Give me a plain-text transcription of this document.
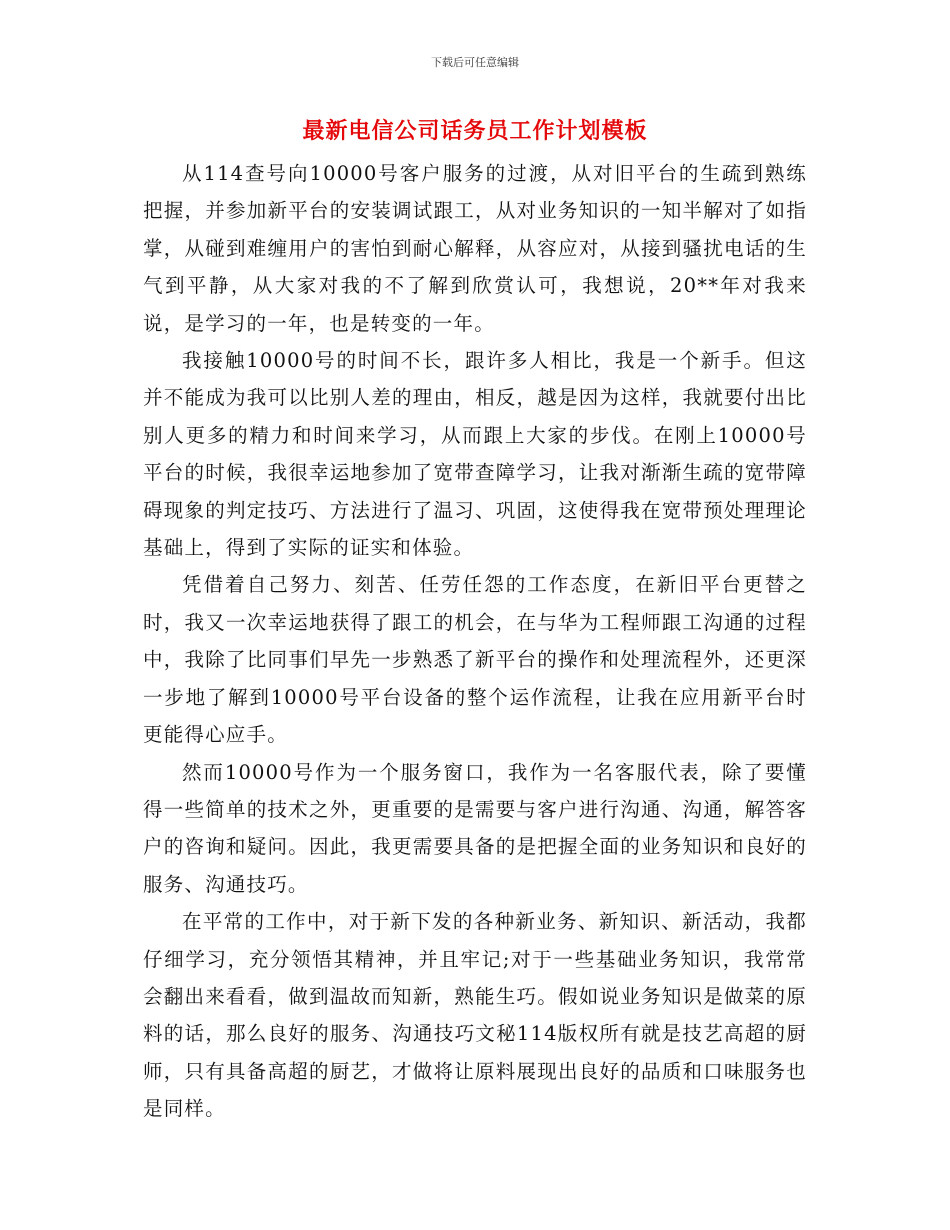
下载后可任意编辑
最新电信公司话务员工作计划模板

从114查号向10000号客户服务的过渡，从对旧平台的生疏到熟练把握，并参加新平台的安装调试跟工，从对业务知识的一知半解对了如指掌，从碰到难缠用户的害怕到耐心解释，从容应对，从接到骚扰电话的生气到平静，从大家对我的不了解到欣赏认可，我想说，20**年对我来说，是学习的一年，也是转变的一年。

我接触10000号的时间不长，跟许多人相比，我是一个新手。但这并不能成为我可以比别人差的理由，相反，越是因为这样，我就要付出比别人更多的精力和时间来学习，从而跟上大家的步伐。在刚上10000号平台的时候，我很幸运地参加了宽带查障学习，让我对渐渐生疏的宽带障碍现象的判定技巧、方法进行了温习、巩固，这使得我在宽带预处理理论基础上，得到了实际的证实和体验。

凭借着自己努力、刻苦、任劳任怨的工作态度，在新旧平台更替之时，我又一次幸运地获得了跟工的机会，在与华为工程师跟工沟通的过程中，我除了比同事们早先一步熟悉了新平台的操作和处理流程外，还更深一步地了解到10000号平台设备的整个运作流程，让我在应用新平台时更能得心应手。

然而10000号作为一个服务窗口，我作为一名客服代表，除了要懂得一些简单的技术之外，更重要的是需要与客户进行沟通、沟通，解答客户的咨询和疑问。因此，我更需要具备的是把握全面的业务知识和良好的服务、沟通技巧。

在平常的工作中，对于新下发的各种新业务、新知识、新活动，我都仔细学习，充分领悟其精神，并且牢记;对于一些基础业务知识，我常常会翻出来看看，做到温故而知新，熟能生巧。假如说业务知识是做菜的原料的话，那么良好的服务、沟通技巧文秘114版权所有就是技艺高超的厨师，只有具备高超的厨艺，才做将让原料展现出良好的品质和口味服务也是同样。
